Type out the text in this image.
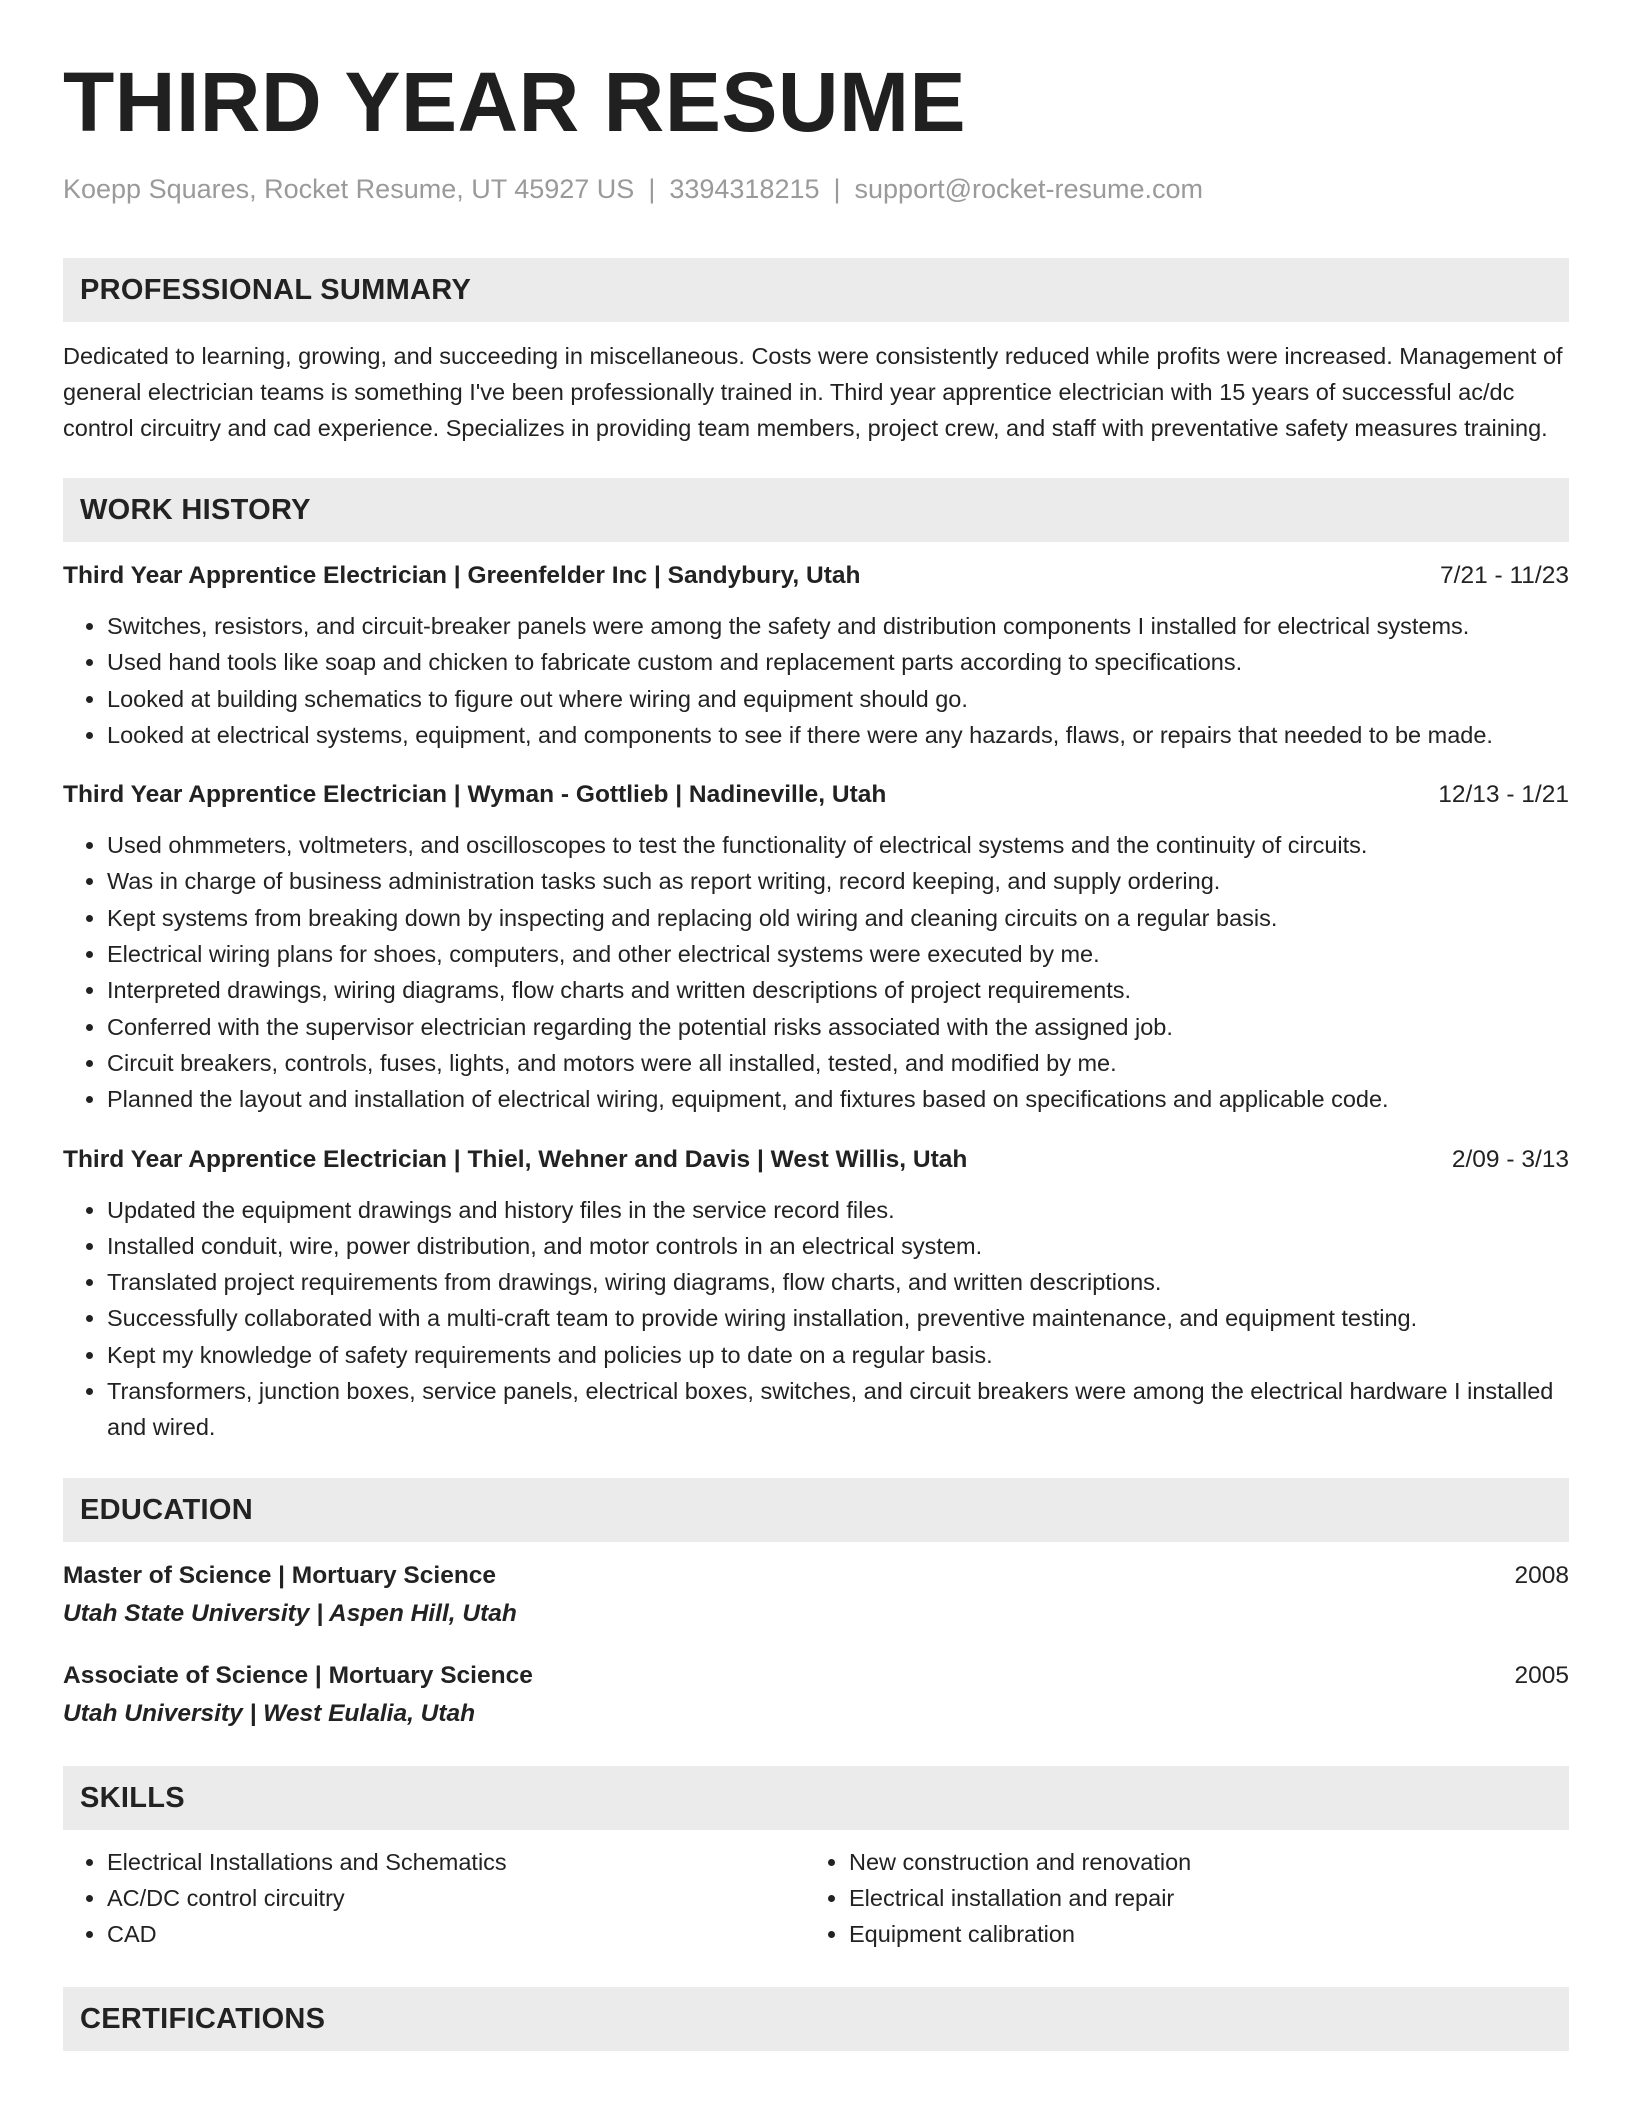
THIRD YEAR RESUME
Koepp Squares, Rocket Resume, UT 45927 US | 3394318215 | support@rocket-resume.com
PROFESSIONAL SUMMARY

Dedicated to learning, growing, and succeeding in miscellaneous. Costs were consistently reduced while profits were increased. Management of general electrician teams is something I've been professionally trained in. Third year apprentice electrician with 15 years of successful ac/dc control circuitry and cad experience. Specializes in providing team members, project crew, and staff with preventative safety measures training.

WORK HISTORY
Third Year Apprentice Electrician | Greenfelder Inc | Sandybury, Utah	7/21 - 11/23
• Switches, resistors, and circuit-breaker panels were among the safety and distribution components I installed for electrical systems.
• Used hand tools like soap and chicken to fabricate custom and replacement parts according to specifications.
• Looked at building schematics to figure out where wiring and equipment should go.
• Looked at electrical systems, equipment, and components to see if there were any hazards, flaws, or repairs that needed to be made.
Third Year Apprentice Electrician | Wyman - Gottlieb | Nadineville, Utah	12/13 - 1/21
• Used ohmmeters, voltmeters, and oscilloscopes to test the functionality of electrical systems and the continuity of circuits.
• Was in charge of business administration tasks such as report writing, record keeping, and supply ordering.
• Kept systems from breaking down by inspecting and replacing old wiring and cleaning circuits on a regular basis.
• Electrical wiring plans for shoes, computers, and other electrical systems were executed by me.
• Interpreted drawings, wiring diagrams, flow charts and written descriptions of project requirements.
• Conferred with the supervisor electrician regarding the potential risks associated with the assigned job.
• Circuit breakers, controls, fuses, lights, and motors were all installed, tested, and modified by me.
• Planned the layout and installation of electrical wiring, equipment, and fixtures based on specifications and applicable code.
Third Year Apprentice Electrician | Thiel, Wehner and Davis | West Willis, Utah	2/09 - 3/13
• Updated the equipment drawings and history files in the service record files.
• Installed conduit, wire, power distribution, and motor controls in an electrical system.
• Translated project requirements from drawings, wiring diagrams, flow charts, and written descriptions.
• Successfully collaborated with a multi-craft team to provide wiring installation, preventive maintenance, and equipment testing.
• Kept my knowledge of safety requirements and policies up to date on a regular basis.
• Transformers, junction boxes, service panels, electrical boxes, switches, and circuit breakers were among the electrical hardware I installed and wired.
EDUCATION
Master of Science | Mortuary Science	2008
Utah State University | Aspen Hill, Utah
Associate of Science | Mortuary Science	2005
Utah University | West Eulalia, Utah
SKILLS
• Electrical Installations and Schematics
• AC/DC control circuitry
• CAD
• New construction and renovation
• Electrical installation and repair
• Equipment calibration
CERTIFICATIONS
